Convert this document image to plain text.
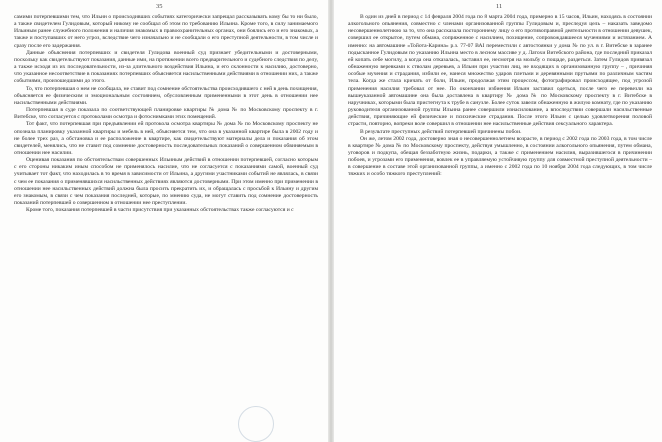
35

самими потерпевшими тем, что Ильин о происходивших событиях категорически запрещал рассказывать кому бы то ни было, а также свидетелем Гулидовым, который никому не сообщал об этом по требованию Ильина. Кроме того, в силу занимаемого Ильиным ранее служебного положения и наличия знакомых в правоохранительных органах, они боялись его и его знакомых, а также и поступавших от него угроз, вследствие чего изначально и не сообщали о его преступной деятельности, в том числе и сразу после его задержания.

Данные объяснения потерпевших и свидетеля Гулидова военный суд признает убедительными и достоверными, поскольку как свидетельствуют показания, данные ими, на протяжении всего предварительного и судебного следствия по делу, а также исходя из их последовательности, из-за длительного воздействия Ильина, и его склонности к насилию, достоверно, что указанное несоответствие в показаниях потерпевших объясняется насильственными действиями в отношении них, а также событиями, произошедшими до этого.

То, что потерпевшая о нем не сообщала, не ставит под сомнение обстоятельства происходившего с ней в день похищения, объясняется ее физическим и эмоциональным состоянием, обусловленным примененными в этот день в отношении нее насильственными действиями.

Потерпевшая в суде показала по соответствующей планировке квартиры № дома № по Московскому проспекту в г. Витебске, что согласуется с протоколами осмотра и фотоснимками этих помещений.

Тот факт, что потерпевшая при предъявлении ей протокола осмотра квартиры № дома № по Московскому проспекту не опознала планировку указанной квартиры и мебель в ней, объясняется тем, что она в указанной квартире была в 2002 году и не более трех раз, а обстановка и ее расположение в квартире, как свидетельствуют материалы дела и показания об этом свидетелей, менялись, что не ставит под сомнение достоверность последовательных показаний о совершенном обвиняемым в отношении нее насилии.

Оценивая показания по обстоятельствам совершенных Ильиным действий в отношении потерпевшей, согласно которым с его стороны никаким иным способом не применялось насилие, что не согласуется с показаниями самой, военный суд учитывает тот факт, что находилась в то время в зависимости от Ильина, а другими участниками событий не являлась, в связи с чем ее показания о применявшихся насильственных действиях являются достоверными. При этом именно при применении в отношении нее насильственных действий должна была просить прекратить их, и обращалась с просьбой к Ильину и другим его знакомым, в связи с чем показания последней, которые, по мнению суда, не могут ставить под сомнение достоверность показаний потерпевшей о совершенном в отношении нее преступлении.

Кроме того, показания потерпевшей в части присутствия при указанных обстоятельствах также согласуются и с

11

В один из дней в период с 14 февраля 2004 года по 8 марта 2004 года, примерно в 15 часов, Ильин, находясь в состоянии алкогольного опьянения, совместно с членами организованной группы Гулидовым и, преследуя цель – наказать заведомо несовершеннолетнюю за то, что она рассказала постороннему лицу о его противоправной деятельности в отношении девушек, совершил ее открытое, путем обмана, сопряженное с насилием, похищение, сопровождавшееся мучениями и истязанием. А именно: на автомашине «Тойота-Карина» р.з. 77-07 ВАI переместили с автостоянки у дома № по ул. в г. Витебске в заранее подысканное Гулидовым по указанию Ильина место в лесном массиве у д. Латохи Витебского района, где последний приказал ей копать себе могилу, а когда она отказалась, заставил ее, несмотря на мольбу о пощаде, раздеться. Затем Гулидов привязал обнаженную веревками к стволам деревьев, а Ильин при участии лиц, не входящих в организованную группу – , причиняя особые мучения и страдания, избили ее, нанеся множество ударов плетьми и деревянными прутьями по различным частям тела. Когда же стала кричать от боли, Ильин, продолжая этим процессом, фотографировал происходящее, под угрозой применения насилия требовал от нее. По окончании избиения Ильин заставил одеться, после чего ее перевезли на вышеуказанной автомашине она была доставлена в квартиру № дома № по Московскому проспекту в г. Витебске в наручниках, которыми была пристегнута к трубе в санузле. Более суток завели обнаженную в жилую комнату, где по указанию руководителя организованной группы Ильина ранее совершили изнасилование, а впоследствии совершали насильственные действия, причиняющие ей физические и психические страдания. После этого Ильин с целью удовлетворения половой страсти, повторно, вопреки воле совершил в отношении нее насильственные действия сексуального характера.

В результате преступных действий потерпевшей причинены побои.

Он же, летом 2002 года, достоверно зная о несовершеннолетнем возрасте, в период с 2002 года по 2003 года, в том числе в квартире № дома № по Московскому проспекту, действуя умышленно, в состоянии алкогольного опьянения, путем обмана, уговоров и подкупа, обещая беззаботную жизнь, подарки, а также с применением насилия, выразившегося в причинении побоев, и угрозами его применения, вовлек ее в управляемую устойчивую группу для совместной преступной деятельности – в совершение в составе этой организованной группы, а именно с 2002 года по 10 ноября 2004 года следующих, в том числе тяжких и особо тяжкого преступлений:
